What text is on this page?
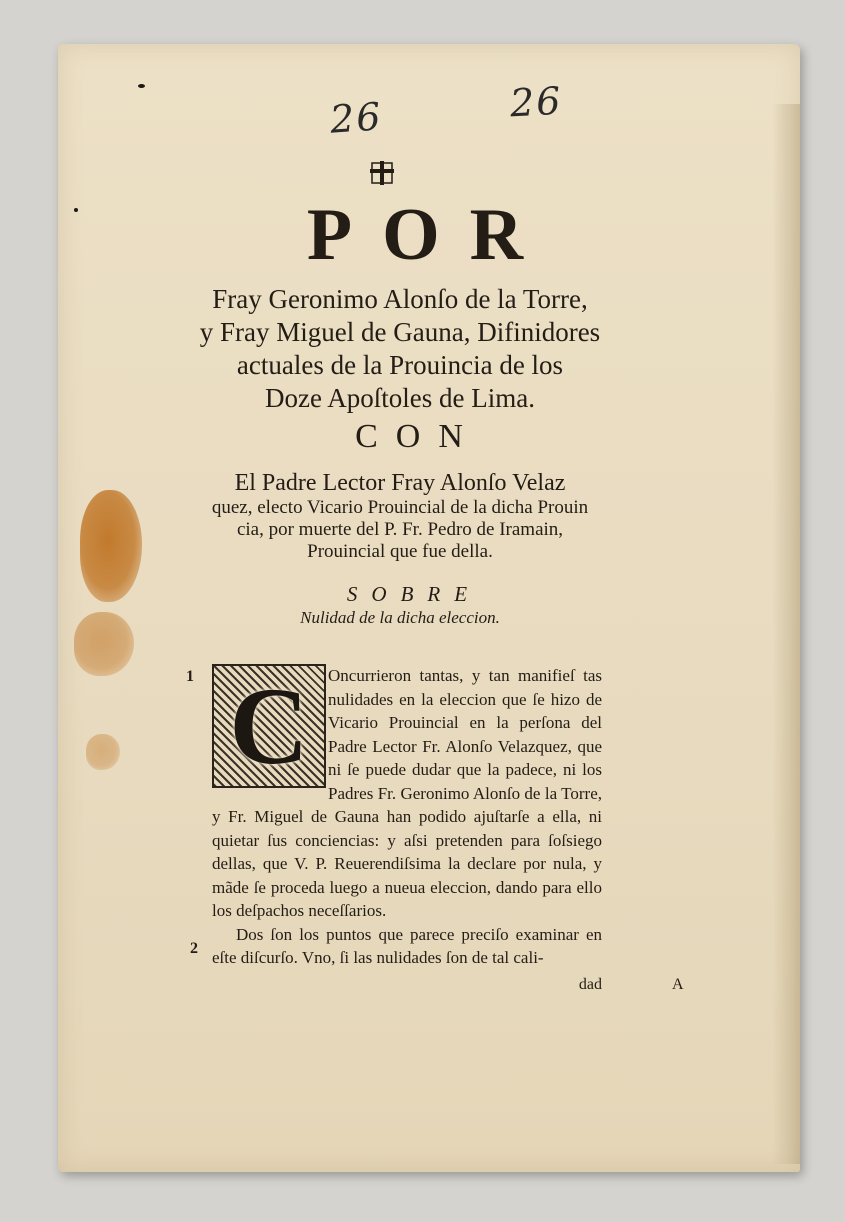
26	26
POR
Fray Geronimo Alonſo de la Torre,
y Fray Miguel de Gauna, Difinidores
actuales de la Prouincia de los
Doze Apoſtoles de Lima.
CON
El Padre Lector Fray Alonſo Velaz
quez, electo Vicario Prouincial de la dicha Prouin
cia, por muerte del P. Fr. Pedro de Iramain,
Prouincial que fue della.
SOBRE
Nulidad de la dicha eleccion.
1
2

Oncurrieron tantas, y tan manifieſ tas nulidades en la eleccion que ſe hizo de Vicario Prouincial en la perſona del Padre Lector Fr. Alonſo Velazquez, que ni ſe puede dudar que la padece, ni los Padres Fr. Geronimo Alonſo de la Torre, y Fr. Miguel de Gauna han podido ajuſtarſe a ella, ni quietar ſus conciencias: y aſsi pretenden para ſoſsiego dellas, que V. P. Reuerendiſsima la declare por nula, y mãde ſe proceda luego a nueua eleccion, dando para ello los deſpachos neceſſarios.

Dos ſon los puntos que parece preciſo examinar en eſte diſcurſo. Vno, ſi las nulidades ſon de tal cali-

C
A
dad
